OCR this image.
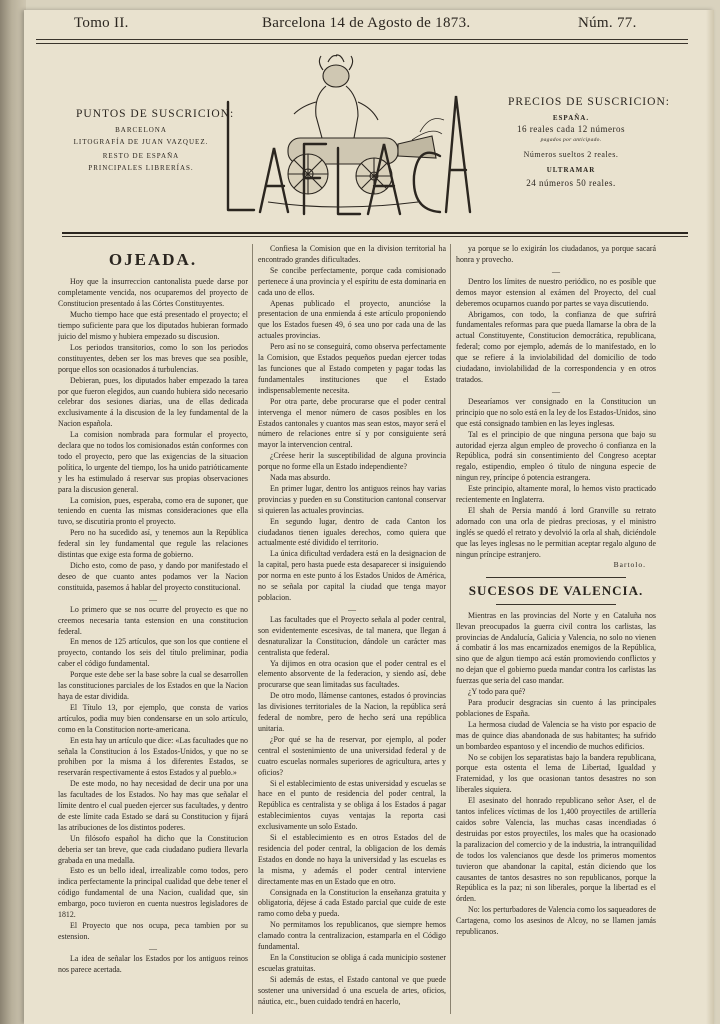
Tomo II.	Barcelona 14 de Agosto de 1873.	Núm. 77.
PUNTOS DE SUSCRICION:
BARCELONA
LITOGRAFÍA DE JUAN VAZQUEZ.
RESTO DE ESPAÑA
PRINCIPALES LIBRERÍAS.
LA FLACA
PRECIOS DE SUSCRICION:
ESPAÑA.
16 reales cada 12 números
pagados por anticipado.
Números sueltos 2 reales.
ULTRAMAR
24 números 50 reales.
OJEADA.

Hoy que la insurreccion cantonalista puede darse por completamente vencida, nos ocuparemos del proyecto de Constitucion presentado á las Córtes Constituyentes.

Mucho tiempo hace que está presentado el proyecto; el tiempo suficiente para que los diputados hubieran formado juicio del mismo y hubiera empezado su discusion.

Los periodos transitorios, como lo son los periodos constituyentes, deben ser los mas breves que sea posible, porque ellos son ocasionados á turbulencias.

Debieran, pues, los diputados haber empezado la tarea por que fueron elegidos, aun cuando hubiera sido necesario celebrar dos sesiones diarias, una de ellas dedicada exclusivamente á la discusion de la ley fundamental de la Nacion española.

La comision nombrada para formular el proyecto, declara que no todos los comisionados están conformes con todo el proyecto, pero que las exigencias de la situacion política, lo urgente del tiempo, los ha unido patrióticamente y les ha estimulado á reservar sus propias observaciones para la discusion general.

La comision, pues, esperaba, como era de suponer, que teniendo en cuenta las mismas consideraciones que ella tuvo, se discutiria pronto el proyecto.

Pero no ha sucedido así, y tenemos aun la República federal sin ley fundamental que regule las relaciones distintas que exige esta forma de gobierno.

Dicho esto, como de paso, y dando por manifestado el deseo de que cuanto antes podamos ver la Nacion constituida, pasemos á hablar del proyecto constitucional.

—

Lo primero que se nos ocurre del proyecto es que no creemos necesaria tanta estension en una constitucion federal.

En menos de 125 artículos, que son los que contiene el proyecto, contando los seis del título preliminar, podia caber el código fundamental.

Porque este debe ser la base sobre la cual se desarrollen las constituciones parciales de los Estados en que la Nacion haya de estar dividida.

El Título 13, por ejemplo, que consta de varios artículos, podia muy bien condensarse en un solo artículo, como en la Constitucion norte-americana.

En esta hay un artículo que dice: «Las facultades que no señala la Constitucion á los Estados-Unidos, y que no se prohiben por la misma á los diferentes Estados, se reservarán respectivamente á estos Estados y al pueblo.»

De este modo, no hay necesidad de decir una por una las facultades de los Estados. No hay mas que señalar el límite dentro el cual pueden ejercer sus facultades, y dentro de este límite cada Estado se dará su Constitucion y fijará las atribuciones de los distintos poderes.

Un filósofo español ha dicho que la Constitucion deberia ser tan breve, que cada ciudadano pudiera llevarla grabada en una medalla.

Esto es un bello ideal, irrealizable como todos, pero indica perfectamente la principal cualidad que debe tener el código fundamental de una Nacion, cualidad que, sin embargo, poco tuvieron en cuenta nuestros legisladores de 1812.

El Proyecto que nos ocupa, peca tambien por su estension.

—

La idea de señalar los Estados por los antiguos reinos nos parece acertada.

Confiesa la Comision que en la division territorial ha encontrado grandes dificultades.

Se concibe perfectamente, porque cada comisionado pertenece á una provincia y el espíritu de esta dominaria en cada uno de ellos.

Apenas publicado el proyecto, anuncióse la presentacion de una enmienda á este artículo proponiendo que los Estados fuesen 49, ó sea uno por cada una de las actuales provincias.

Pero así no se conseguirá, como observa perfectamente la Comision, que Estados pequeños puedan ejercer todas las funciones que al Estado competen y pagar todas las fundamentales instituciones que el Estado indispensablemente necesita.

Por otra parte, debe procurarse que el poder central intervenga el menor número de casos posibles en los Estados cantonales y cuantos mas sean estos, mayor será el número de relaciones entre sí y por consiguiente será mayor la intervencion central.

¿Créese herir la susceptibilidad de alguna provincia porque no forme ella un Estado independiente?

Nada mas absurdo.

En primer lugar, dentro los antiguos reinos hay varias provincias y pueden en su Constitucion cantonal conservar si quieren las actuales provincias.

En segundo lugar, dentro de cada Canton los ciudadanos tienen iguales derechos, como quiera que actualmente esté dividido el territorio.

La única dificultad verdadera está en la designacion de la capital, pero hasta puede esta desaparecer si insiguiendo por norma en este punto á los Estados Unidos de América, no se señala por capital la ciudad que tenga mayor poblacion.

—

Las facultades que el Proyecto señala al poder central, son evidentemente escesivas, de tal manera, que llegan á desnaturalizar la Constitucion, dándole un carácter mas centralista que federal.

Ya dijimos en otra ocasion que el poder central es el elemento absorvente de la federacion, y siendo así, debe procurarse que sean limitadas sus facultades.

De otro modo, llámense cantones, estados ó provincias las divisiones territoriales de la Nacion, la república será federal de nombre, pero de hecho será una república unitaria.

¿Por qué se ha de reservar, por ejemplo, al poder central el sostenimiento de una universidad federal y de cuatro escuelas normales superiores de agricultura, artes y oficios?

Si el establecimiento de estas universidad y escuelas se hace en el punto de residencia del poder central, la República es centralista y se obliga á los Estados á pagar establecimientos cuyas ventajas la reporta casi exclusivamente un solo Estado.

Si el establecimiento es en otros Estados del de residencia del poder central, la obligacion de los demás Estados en donde no haya la universidad y las escuelas es la misma, y además el poder central interviene directamente mas en un Estado que en otro.

Consignada en la Constitucion la enseñanza gratuita y obligatoria, déjese á cada Estado parcial que cuide de este ramo como deba y pueda.

No permitamos los republicanos, que siempre hemos clamado contra la centralizacion, estamparla en el Código fundamental.

En la Constitucion se obliga á cada municipio sostener escuelas gratuitas.

Si además de estas, el Estado cantonal ve que puede sostener una universidad ó una escuela de artes, oficios, náutica, etc., buen cuidado tendrá en hacerlo,

ya porque se lo exigirán los ciudadanos, ya porque sacará honra y provecho.

—

Dentro los límites de nuestro periódico, no es posible que demos mayor estension al exámen del Proyecto, del cual deberemos ocuparnos cuando por partes se vaya discutiendo.

Abrigamos, con todo, la confianza de que sufrirá fundamentales reformas para que pueda llamarse la obra de la actual Constituyente, Constitucion democrática, republicana, federal; como por ejemplo, además de lo manifestado, en lo que se refiere á la inviolabilidad del domicilio de todo ciudadano, inviolabilidad de la correspondencia y en otros tratados.

—

Desearíamos ver consignado en la Constitucion un principio que no solo está en la ley de los Estados-Unidos, sino que está consignado tambien en las leyes inglesas.

Tal es el principio de que ninguna persona que bajo su autoridad ejerza algun empleo de provecho ó confianza en la República, podrá sin consentimiento del Congreso aceptar regalo, estipendio, empleo ó título de ninguna especie de ningun rey, príncipe ó potencia estrangera.

Este principio, altamente moral, lo hemos visto practicado recientemente en Inglaterra.

El shah de Persia mandó á lord Granville su retrato adornado con una orla de piedras preciosas, y el ministro inglés se quedó el retrato y devolvió la orla al shah, diciéndole que las leyes inglesas no le permitian aceptar regalo alguno de ningun príncipe estranjero.

Bartolo.
SUCESOS DE VALENCIA.

Mientras en las provincias del Norte y en Cataluña nos llevan preocupados la guerra civil contra los carlistas, las provincias de Andalucía, Galicia y Valencia, no solo no vienen á combatir á los mas encarnizados enemigos de la República, sino que de algun tiempo acá están promoviendo conflictos y no dejan que el gobierno pueda mandar contra los carlistas las fuerzas que seria del caso mandar.

¿Y todo para qué?

Para producir desgracias sin cuento á las principales poblaciones de España.

La hermosa ciudad de Valencia se ha visto por espacio de mas de quince dias abandonada de sus habitantes; ha sufrido un bombardeo espantoso y el incendio de muchos edificios.

No se cobijen los separatistas bajo la bandera republicana, porque esta ostenta el lema de Libertad, Igualdad y Fraternidad, y los que ocasionan tantos desastres no son liberales siquiera.

El asesinato del honrado republicano señor Aser, el de tantos infelices víctimas de los 1,400 proyectiles de artillería caidos sobre Valencia, las muchas casas incendiadas ó destruidas por estos proyectiles, los males que ha ocasionado la paralizacion del comercio y de la industria, la intranquilidad de todos los valencianos que desde los primeros momentos tuvieron que abandonar la capital, están diciendo que los causantes de tantos desastres no son republicanos, porque la República es la paz; ni son liberales, porque la libertad es el órden.

No: los perturbadores de Valencia como los saqueadores de Cartagena, como los asesinos de Alcoy, no se llamen jamás republicanos.
